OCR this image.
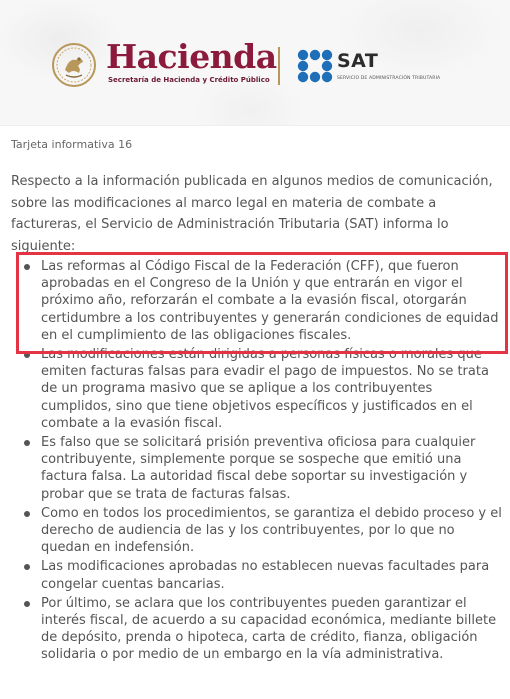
Hacienda
Secretaría de Hacienda y Crédito Público
SAT
SERVICIO DE ADMINISTRACIÓN TRIBUTARIA
Tarjeta informativa 16

Respecto a la información publicada en algunos medios de comunicación, sobre las modificaciones al marco legal en materia de combate a factureras, el Servicio de Administración Tributaria (SAT) informa lo siguiente:

Las reformas al Código Fiscal de la Federación (CFF), que fueron aprobadas en el Congreso de la Unión y que entrarán en vigor el próximo año, reforzarán el combate a la evasión fiscal, otorgarán certidumbre a los contribuyentes y generarán condiciones de equidad en el cumplimiento de las obligaciones fiscales.
Las modificaciones están dirigidas a personas físicas o morales que emiten facturas falsas para evadir el pago de impuestos. No se trata de un programa masivo que se aplique a los contribuyentes cumplidos, sino que tiene objetivos específicos y justificados en el combate a la evasión fiscal.
Es falso que se solicitará prisión preventiva oficiosa para cualquier contribuyente, simplemente porque se sospeche que emitió una factura falsa. La autoridad fiscal debe soportar su investigación y probar que se trata de facturas falsas.
Como en todos los procedimientos, se garantiza el debido proceso y el derecho de audiencia de las y los contribuyentes, por lo que no quedan en indefensión.
Las modificaciones aprobadas no establecen nuevas facultades para congelar cuentas bancarias.
Por último, se aclara que los contribuyentes pueden garantizar el interés fiscal, de acuerdo a su capacidad económica, mediante billete de depósito, prenda o hipoteca, carta de crédito, fianza, obligación solidaria o por medio de un embargo en la vía administrativa.
